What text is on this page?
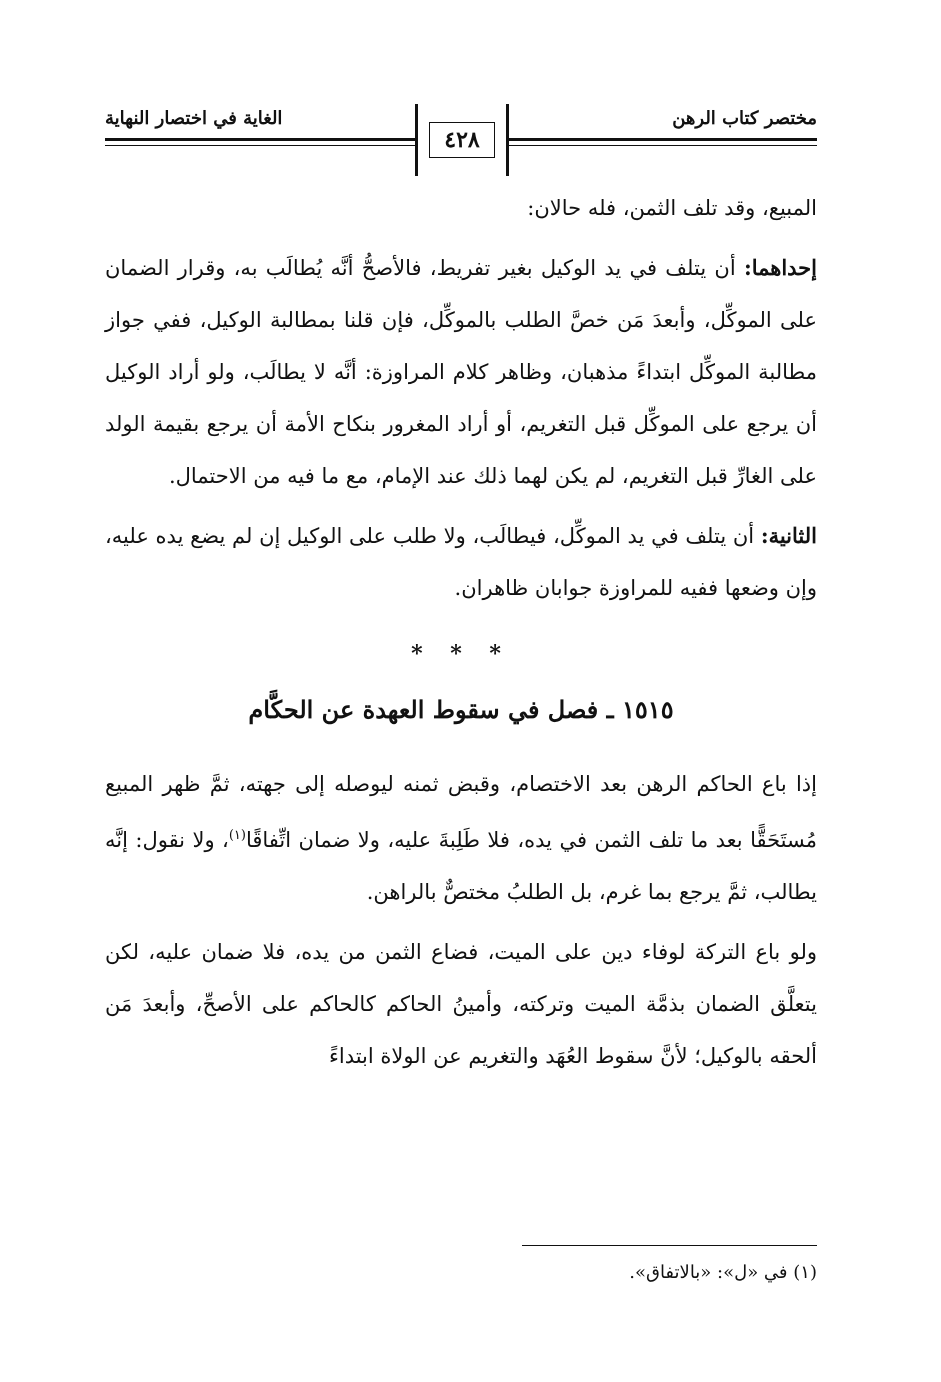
مختصر كتاب الرهن
الغاية في اختصار النهاية
٤٢٨

المبيع، وقد تلف الثمن، فله حالان:

إحداهما: أن يتلف في يد الوكيل بغير تفريط، فالأصحُّ أنَّه يُطالَب به، وقرار الضمان على الموكِّل، وأبعدَ مَن خصَّ الطلب بالموكِّل، فإن قلنا بمطالبة الوكيل، ففي جواز مطالبة الموكِّل ابتداءً مذهبان، وظاهر كلام المراوزة: أنَّه لا يطالَب، ولو أراد الوكيل أن يرجع على الموكِّل قبل التغريم، أو أراد المغرور بنكاح الأمة أن يرجع بقيمة الولد على الغارِّ قبل التغريم، لم يكن لهما ذلك عند الإمام، مع ما فيه من الاحتمال.

الثانية: أن يتلف في يد الموكِّل، فيطالَب، ولا طلب على الوكيل إن لم يضع يده عليه، وإن وضعها ففيه للمراوزة جوابان ظاهران.

* * *
١٥١٥ ـ فصل في سقوط العهدة عن الحكَّام

إذا باع الحاكم الرهن بعد الاختصام، وقبض ثمنه ليوصله إلى جهته، ثمَّ ظهر المبيع مُستَحَقًّا بعد ما تلف الثمن في يده، فلا طَلِبةَ عليه، ولا ضمان اتِّفاقًا$^{(١)}$، ولا نقول: إنَّه يطالب، ثمَّ يرجع بما غرم، بل الطلبُ مختصٌّ بالراهن.

ولو باع التركة لوفاء دين على الميت، فضاع الثمن من يده، فلا ضمان عليه، لكن يتعلَّق الضمان بذمَّة الميت وتركته، وأمينُ الحاكم كالحاكم على الأصحِّ، وأبعدَ مَن ألحقه بالوكيل؛ لأنَّ سقوط العُهَد والتغريم عن الولاة ابتداءً

(١) في «ل»: «بالاتفاق».
